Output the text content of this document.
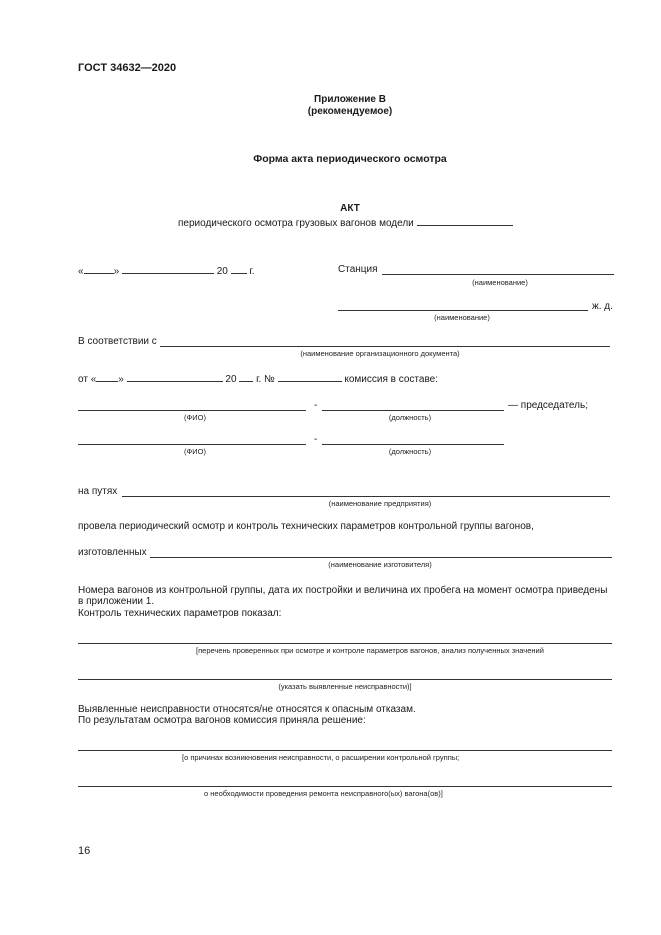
ГОСТ 34632—2020
Приложение В
(рекомендуемое)
Форма акта периодического осмотра
АКТ
периодического осмотра грузовых вагонов модели
«	»	20 г.	Станция
(наименование)
ж. д.
(наименование)
В соответствии с
(наименование организационного документа)
от « »	20 г. №	комиссия в составе:
-	— председатель;
(ФИО)	(должность)
-
(ФИО)	(должность)
на путях
(наименование предприятия)
провела периодический осмотр и контроль технических параметров контрольной группы вагонов,
изготовленных
(наименование изготовителя)
Номера вагонов из контрольной группы, дата их постройки и величина их пробега на момент осмотра приведены
в приложении 1.
Контроль технических параметров показал:
[перечень проверенных при осмотре и контроле параметров вагонов, анализ полученных значений
(указать выявленные неисправности)]
Выявленные неисправности относятся/не относятся к опасным отказам.
По результатам осмотра вагонов комиссия приняла решение:
[о причинах возникновения неисправности, о расширении контрольной группы;
о необходимости проведения ремонта неисправного(ых) вагона(ов)]
16
